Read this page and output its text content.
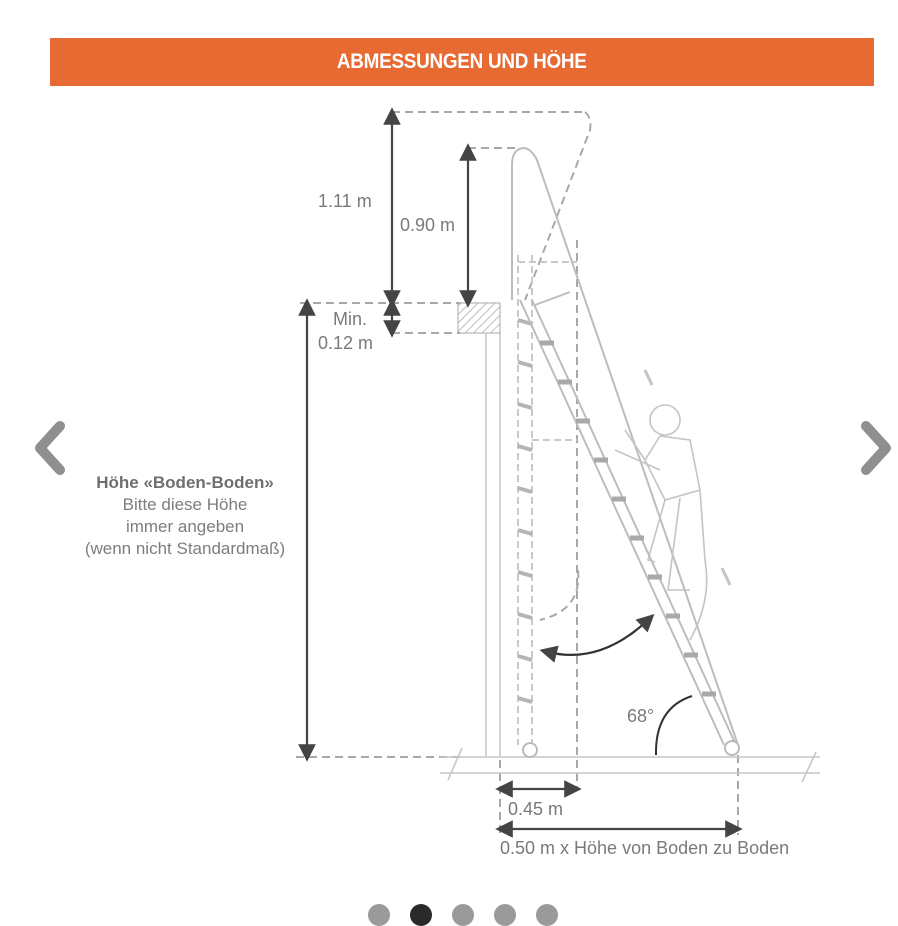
ABMESSUNGEN UND HÖHE
1.11 m
0.90 m
Min.
0.12 m
68°
0.45 m
0.50 m x Höhe von Boden zu Boden
Höhe «Boden-Boden»
Bitte diese Höhe
immer angeben
(wenn nicht Standardmaß)
